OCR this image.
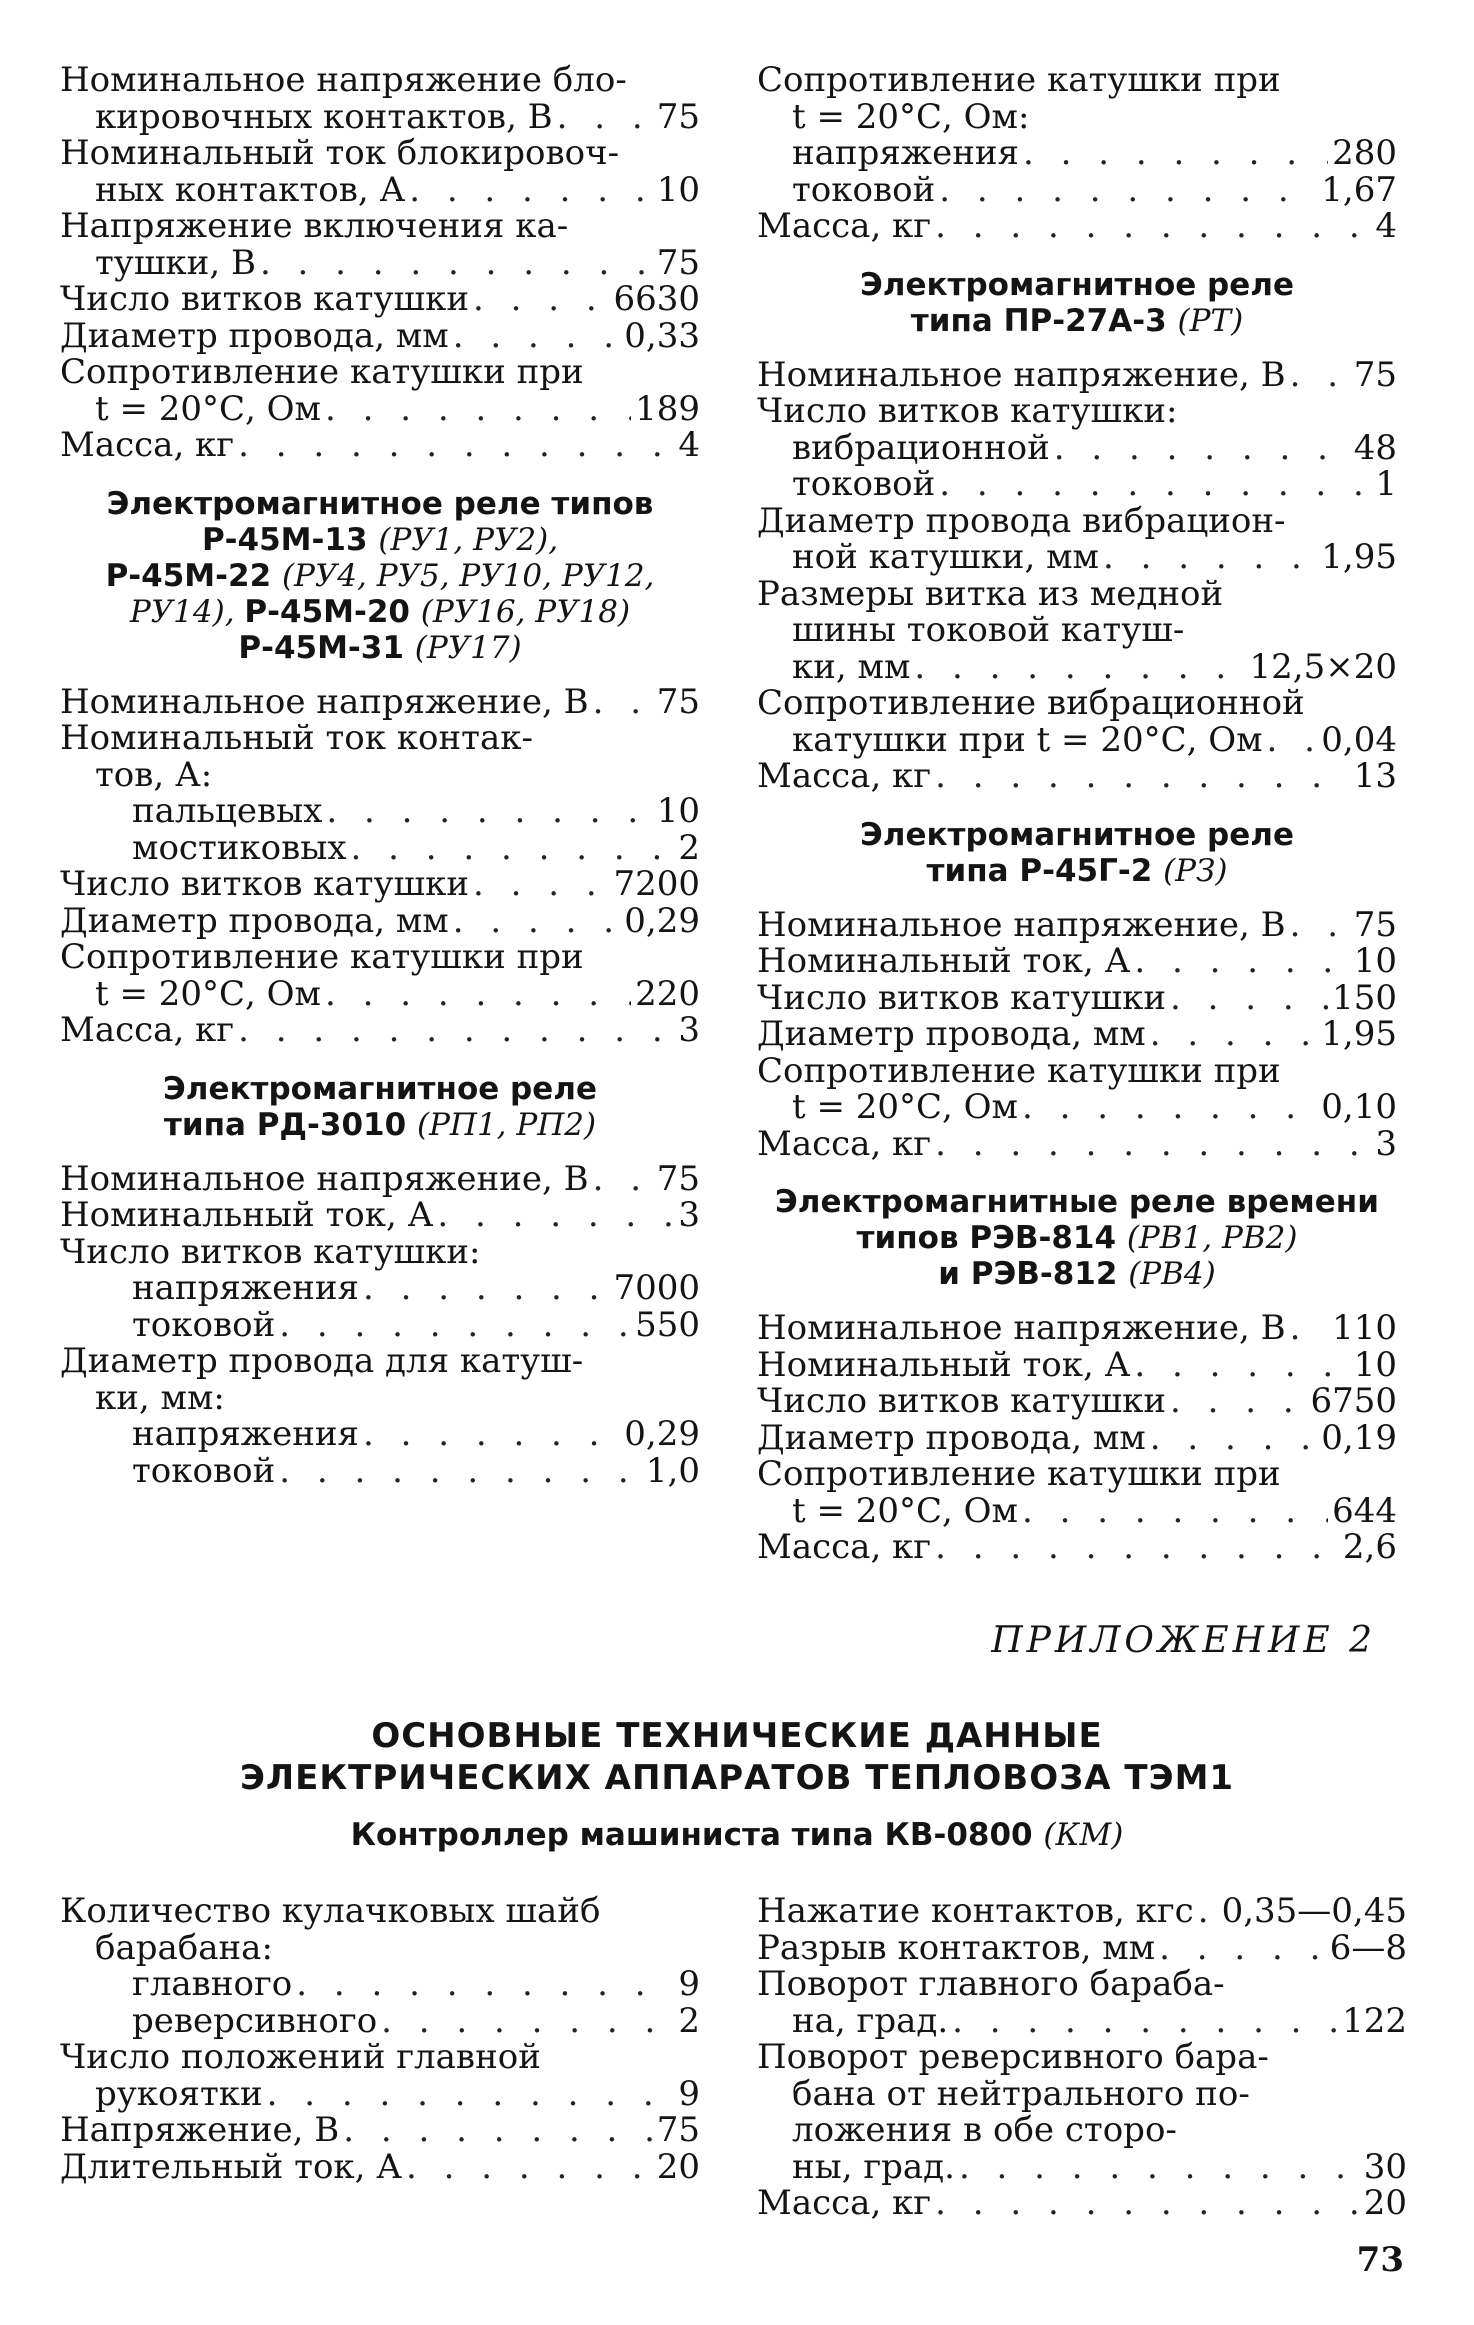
Номинальное напряжение бло-
кировочных контактов, В . . .	75
Номинальный ток блокировоч-
ных контактов, А . . .	10
Напряжение включения ка-
тушки, В . . .	75
Число витков катушки . . .	6630
Диаметр провода, мм . . .	0,33
Сопротивление катушки при
t = 20°С, Ом . . .	189
Масса, кг . . .	4
Электромагнитное реле типов
Р-45М-13 (РУ1, РУ2),
Р-45М-22 (РУ4, РУ5, РУ10, РУ12,
РУ14), Р-45М-20 (РУ16, РУ18)
Р-45М-31 (РУ17)
Номинальное напряжение, В . . . 75
Номинальный ток контак-
тов, А:
пальцевых . . .	10
мостиковых . . .	2
Число витков катушки . . .	7200
Диаметр провода, мм . . .	0,29
Сопротивление катушки при
t = 20°С, Ом . . .	220
Масса, кг . . .	3
Электромагнитное реле
типа РД-3010 (РП1, РП2)
Номинальное напряжение, В . . . 75
Номинальный ток, А . . .	3
Число витков катушки:
напряжения . . .	7000
токовой . . .	550
Диаметр провода для катуш-
ки, мм:
напряжения . . .	0,29
токовой . . .	1,0
Сопротивление катушки при
t = 20°С, Ом:
напряжения . . .	280
токовой . . .	1,67
Масса, кг . . .	4
Электромагнитное реле
типа ПР-27А-3 (РТ)
Номинальное напряжение, В . . . 75
Число витков катушки:
вибрационной . . .	48
токовой . . .	1
Диаметр провода вибрацион-
ной катушки, мм . . .	1,95
Размеры витка из медной
шины токовой катуш-
ки, мм . . .	12,5×20
Сопротивление вибрационной
катушки при t = 20°С, Ом . . . 0,04
Масса, кг . . .	13
Электромагнитное реле
типа Р-45Г-2 (РЗ)
Номинальное напряжение, В . . . 75
Номинальный ток, А . . .	10
Число витков катушки . . .	150
Диаметр провода, мм . . .	1,95
Сопротивление катушки при
t = 20°С, Ом . . .	0,10
Масса, кг . . .	3
Электромагнитные реле времени
типов РЭВ-814 (РВ1, РВ2)
и РЭВ-812 (РВ4)
Номинальное напряжение, В . . . 110
Номинальный ток, А . . .	10
Число витков катушки . . .	6750
Диаметр провода, мм . . .	0,19
Сопротивление катушки при
t = 20°С, Ом . . .	644
Масса, кг . . .	2,6
ПРИЛОЖЕНИЕ 2
ОСНОВНЫЕ ТЕХНИЧЕСКИЕ ДАННЫЕ
ЭЛЕКТРИЧЕСКИХ АППАРАТОВ ТЕПЛОВОЗА ТЭМ1
Контроллер машиниста типа КВ-0800 (КМ)
Количество кулачковых шайб
барабана:
главного . . .	9
реверсивного . . .	2
Число положений главной
рукоятки . . .	9
Напряжение, В . . .	75
Длительный ток, А . . .	20
Нажатие контактов, кгс . . . 0,35—0,45
Разрыв контактов, мм . . .	6—8
Поворот главного бараба-
на, град. . . .	122
Поворот реверсивного бара-
бана от нейтрального по-
ложения в обе сторо-
ны, град. . . .	30
Масса, кг . . .	20
73
